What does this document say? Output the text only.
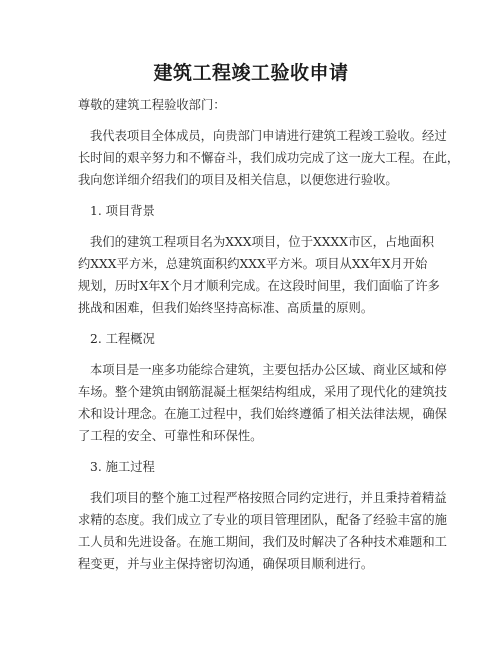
建筑工程竣工验收申请
尊敬的建筑工程验收部门：
我代表项目全体成员，向贵部门申请进行建筑工程竣工验收。经过
长时间的艰辛努力和不懈奋斗，我们成功完成了这一庞大工程。在此，
我向您详细介绍我们的项目及相关信息，以便您进行验收。
1. 项目背景
我们的建筑工程项目名为XXX项目，位于XXXX市区，占地面积
约XXX平方米，总建筑面积约XXX平方米。项目从XX年X月开始
规划，历时X年X个月才顺利完成。在这段时间里，我们面临了许多
挑战和困难，但我们始终坚持高标准、高质量的原则。
2. 工程概况
本项目是一座多功能综合建筑，主要包括办公区域、商业区域和停
车场。整个建筑由钢筋混凝土框架结构组成，采用了现代化的建筑技
术和设计理念。在施工过程中，我们始终遵循了相关法律法规，确保
了工程的安全、可靠性和环保性。
3. 施工过程
我们项目的整个施工过程严格按照合同约定进行，并且秉持着精益
求精的态度。我们成立了专业的项目管理团队，配备了经验丰富的施
工人员和先进设备。在施工期间，我们及时解决了各种技术难题和工
程变更，并与业主保持密切沟通，确保项目顺利进行。
